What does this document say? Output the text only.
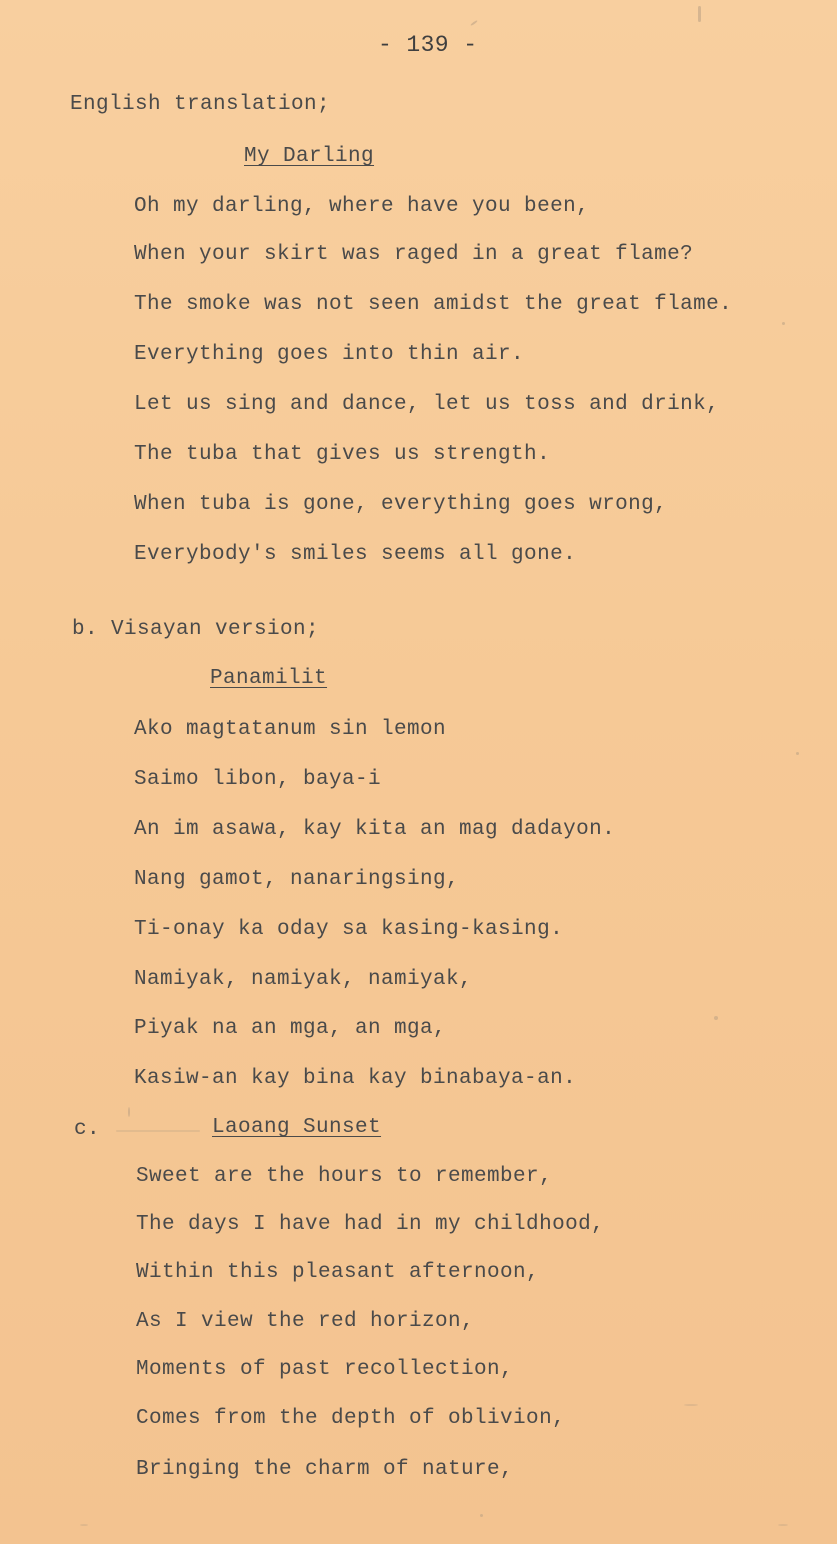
- 139 -
English translation;
My Darling
Oh my darling, where have you been,
When your skirt was raged in a great flame?
The smoke was not seen amidst the great flame.
Everything goes into thin air.
Let us sing and dance, let us toss and drink,
The tuba that gives us strength.
When tuba is gone, everything goes wrong,
Everybody's smiles seems all gone.
b. Visayan version;
Panamilit
Ako magtatanum sin lemon
Saimo libon, baya-i
An im asawa, kay kita an mag dadayon.
Nang gamot, nanaringsing,
Ti-onay ka oday sa kasing-kasing.
Namiyak, namiyak, namiyak,
Piyak na an mga, an mga,
Kasiw-an kay bina kay binabaya-an.
c.	Laoang Sunset
Sweet are the hours to remember,
The days I have had in my childhood,
Within this pleasant afternoon,
As I view the red horizon,
Moments of past recollection,
Comes from the depth of oblivion,
Bringing the charm of nature,
